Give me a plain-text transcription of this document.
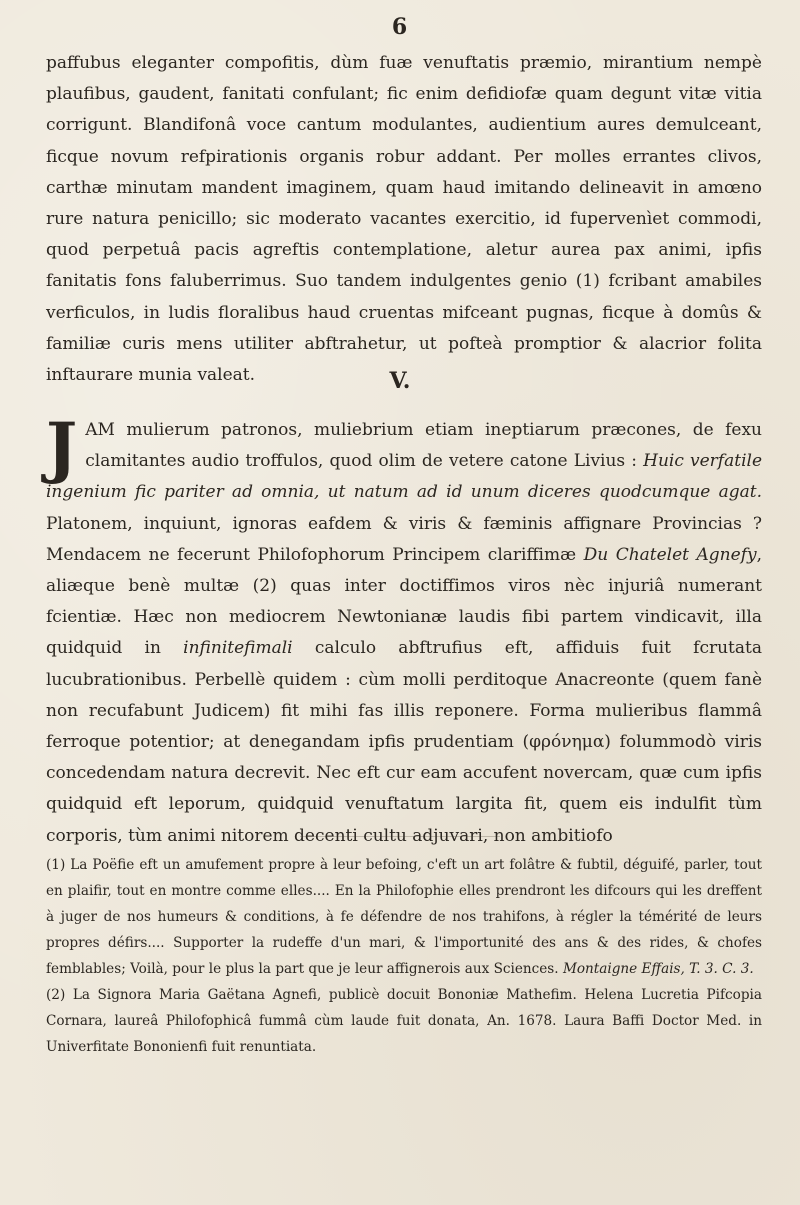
6

paffubus eleganter compofitis, dùm fuæ venuftatis præmio, mirantium nempè plaufibus, gaudent, fanitati confulant; fic enim defidiofæ quam degunt vitæ vitia corrigunt. Blandifonâ voce cantum modulantes, audientium aures demulceant, ficque novum refpirationis organis robur addant. Per molles errantes clivos, carthæ minutam mandent imaginem, quam haud imitando delineavit in amœno rure natura penicillo; sic moderato vacantes exercitio, id fupervenìet commodi, quod perpetuâ pacis agreftis contemplatione, aletur aurea pax animi, ipfis fanitatis fons faluberrimus. Suo tandem indulgentes genio (1) fcribant amabiles verficulos, in ludis floralibus haud cruentas mifceant pugnas, ficque à domûs & familiæ curis mens utiliter abftrahetur, ut pofteà promptior & alacrior folita inftaurare munia valeat.	V.

JAM mulierum patronos, muliebrium etiam ineptiarum præcones, de fexu clamitantes audio troffulos, quod olim de vetere catone Livius : Huic verfatile ingenium fic pariter ad omnia, ut natum ad id unum diceres quodcumque agat. Platonem, inquiunt, ignoras eafdem & viris & fæminis affignare Provincias ? Mendacem ne fecerunt Philofophorum Principem clariffimæ Du Chatelet Agnefy, aliæque benè multæ (2) quas inter doctiffimos viros nèc injuriâ numerant fcientiæ. Hæc non mediocrem Newtonianæ laudis fibi partem vindicavit, illa quidquid in infinitefimali calculo abftrufius eft, affiduis fuit fcrutata lucubrationibus. Perbellè quidem : cùm molli perditoque Anacreonte (quem fanè non recufabunt Judicem) fit mihi fas illis reponere. Forma mulieribus flammâ ferroque potentior; at denegandam ipfis prudentiam (φρόνημα) folummodò viris concedendam natura decrevit. Nec eft cur eam accufent novercam, quæ cum ipfis quidquid eft leporum, quidquid venuftatum largita fit, quem eis indulfit tùm corporis, tùm animi nitorem decenti cultu adjuvari, non ambitiofo

(1) La Poëfie eft un amufement propre à leur befoing, c'eft un art folâtre & fubtil, déguifé, parler, tout en plaifir, tout en montre comme elles.... En la Philofophie elles prendront les difcours qui les dreffent à juger de nos humeurs & conditions, à fe défendre de nos trahifons, à régler la témérité de leurs propres défirs.... Supporter la rudeffe d'un mari, & l'importunité des ans & des rides, & chofes femblables; Voilà, pour le plus la part que je leur affignerois aux Sciences. Montaigne Effais, T. 3. C. 3.

(2) La Signora Maria Gaëtana Agnefi, publicè docuit Bononiæ Mathefim. Helena Lucretia Pifcopia Cornara, laureâ Philofophicâ fummâ cùm laude fuit donata, An. 1678. Laura Baffi Doctor Med. in Univerfitate Bononienfi fuit renuntiata.
